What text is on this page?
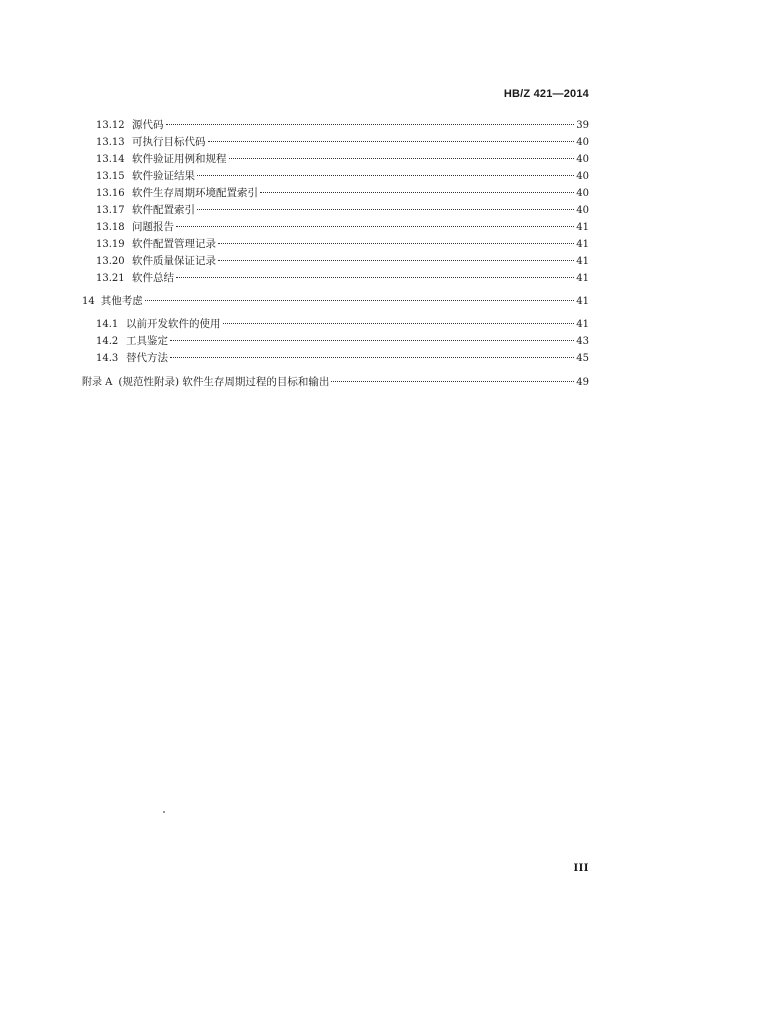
HB/Z 421—2014
13.12 源代码	39
13.13 可执行目标代码	40
13.14 软件验证用例和规程	40
13.15 软件验证结果	40
13.16 软件生存周期环境配置索引	40
13.17 软件配置索引	40
13.18 问题报告	41
13.19 软件配置管理记录	41
13.20 软件质量保证记录	41
13.21 软件总结	41
14 其他考虑	41
14.1 以前开发软件的使用	41
14.2 工具鉴定	43
14.3 替代方法	45
附录 A (规范性附录) 软件生存周期过程的目标和输出	49
III
